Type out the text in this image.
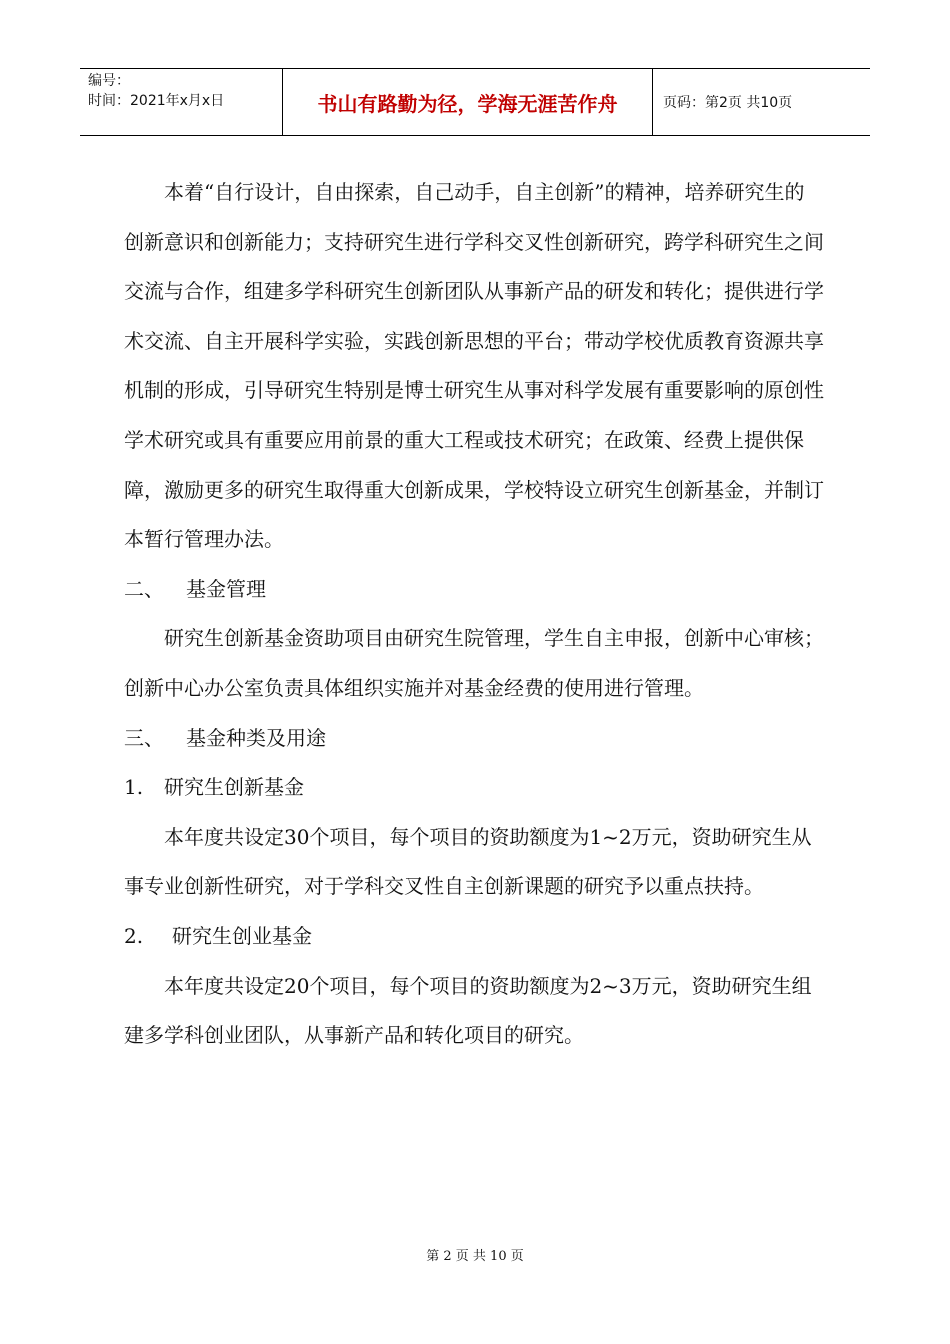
编号：
时间：2021年x月x日	书山有路勤为径，学海无涯苦作舟	页码：第2页 共10页

本着“自行设计，自由探索，自己动手，自主创新”的精神，培养研究生的创新意识和创新能力；支持研究生进行学科交叉性创新研究，跨学科研究生之间交流与合作，组建多学科研究生创新团队从事新产品的研发和转化；提供进行学术交流、自主开展科学实验，实践创新思想的平台；带动学校优质教育资源共享机制的形成，引导研究生特别是博士研究生从事对科学发展有重要影响的原创性学术研究或具有重要应用前景的重大工程或技术研究；在政策、经费上提供保障，激励更多的研究生取得重大创新成果，学校特设立研究生创新基金，并制订本暂行管理办法。

二、 基金管理

研究生创新基金资助项目由研究生院管理，学生自主申报，创新中心审核；创新中心办公室负责具体组织实施并对基金经费的使用进行管理。

三、 基金种类及用途

1. 研究生创新基金

本年度共设定30个项目，每个项目的资助额度为1~2万元，资助研究生从事专业创新性研究，对于学科交叉性自主创新课题的研究予以重点扶持。

2. 研究生创业基金

本年度共设定20个项目，每个项目的资助额度为2~3万元，资助研究生组建多学科创业团队，从事新产品和转化项目的研究。

第 2 页 共 10 页
